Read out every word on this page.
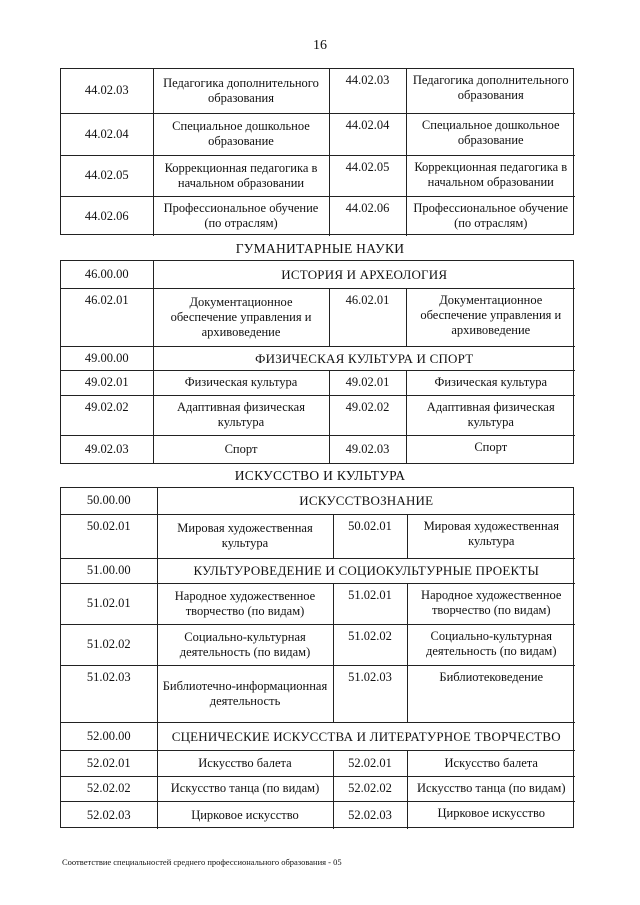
16
44.02.03	Педагогика дополнительного образования	44.02.03	Педагогика дополнительного образования
44.02.04	Специальное дошкольное образование	44.02.04	Специальное дошкольное образование
44.02.05	Коррекционная педагогика в начальном образовании	44.02.05	Коррекционная педагогика в начальном образовании
44.02.06	Профессиональное обучение (по отраслям)	44.02.06	Профессиональное обучение (по отраслям)
ГУМАНИТАРНЫЕ НАУКИ
46.00.00	ИСТОРИЯ И АРХЕОЛОГИЯ		
46.02.01	Документационное обеспечение управления и архивоведение	46.02.01	Документационное обеспечение управления и архивоведение
49.00.00	ФИЗИЧЕСКАЯ КУЛЬТУРА И СПОРТ		
49.02.01	Физическая культура	49.02.01	Физическая культура
49.02.02	Адаптивная физическая культура	49.02.02	Адаптивная физическая культура
49.02.03	Спорт	49.02.03	Спорт
ИСКУССТВО И КУЛЬТУРА
50.00.00	ИСКУССТВОЗНАНИЕ		
50.02.01	Мировая художественная культура	50.02.01	Мировая художественная культура
51.00.00	КУЛЬТУРОВЕДЕНИЕ И СОЦИОКУЛЬТУРНЫЕ ПРОЕКТЫ		
51.02.01	Народное художественное творчество (по видам)	51.02.01	Народное художественное творчество (по видам)
51.02.02	Социально-культурная деятельность (по видам)	51.02.02	Социально-культурная деятельность (по видам)
51.02.03	Библиотечно-информационная деятельность	51.02.03	Библиотековедение
52.00.00	СЦЕНИЧЕСКИЕ ИСКУССТВА И ЛИТЕРАТУРНОЕ ТВОРЧЕСТВО		
52.02.01	Искусство балета	52.02.01	Искусство балета
52.02.02	Искусство танца (по видам)	52.02.02	Искусство танца (по видам)
52.02.03	Цирковое искусство	52.02.03	Цирковое искусство
Соответствие специальностей среднего профессионального образования - 05
